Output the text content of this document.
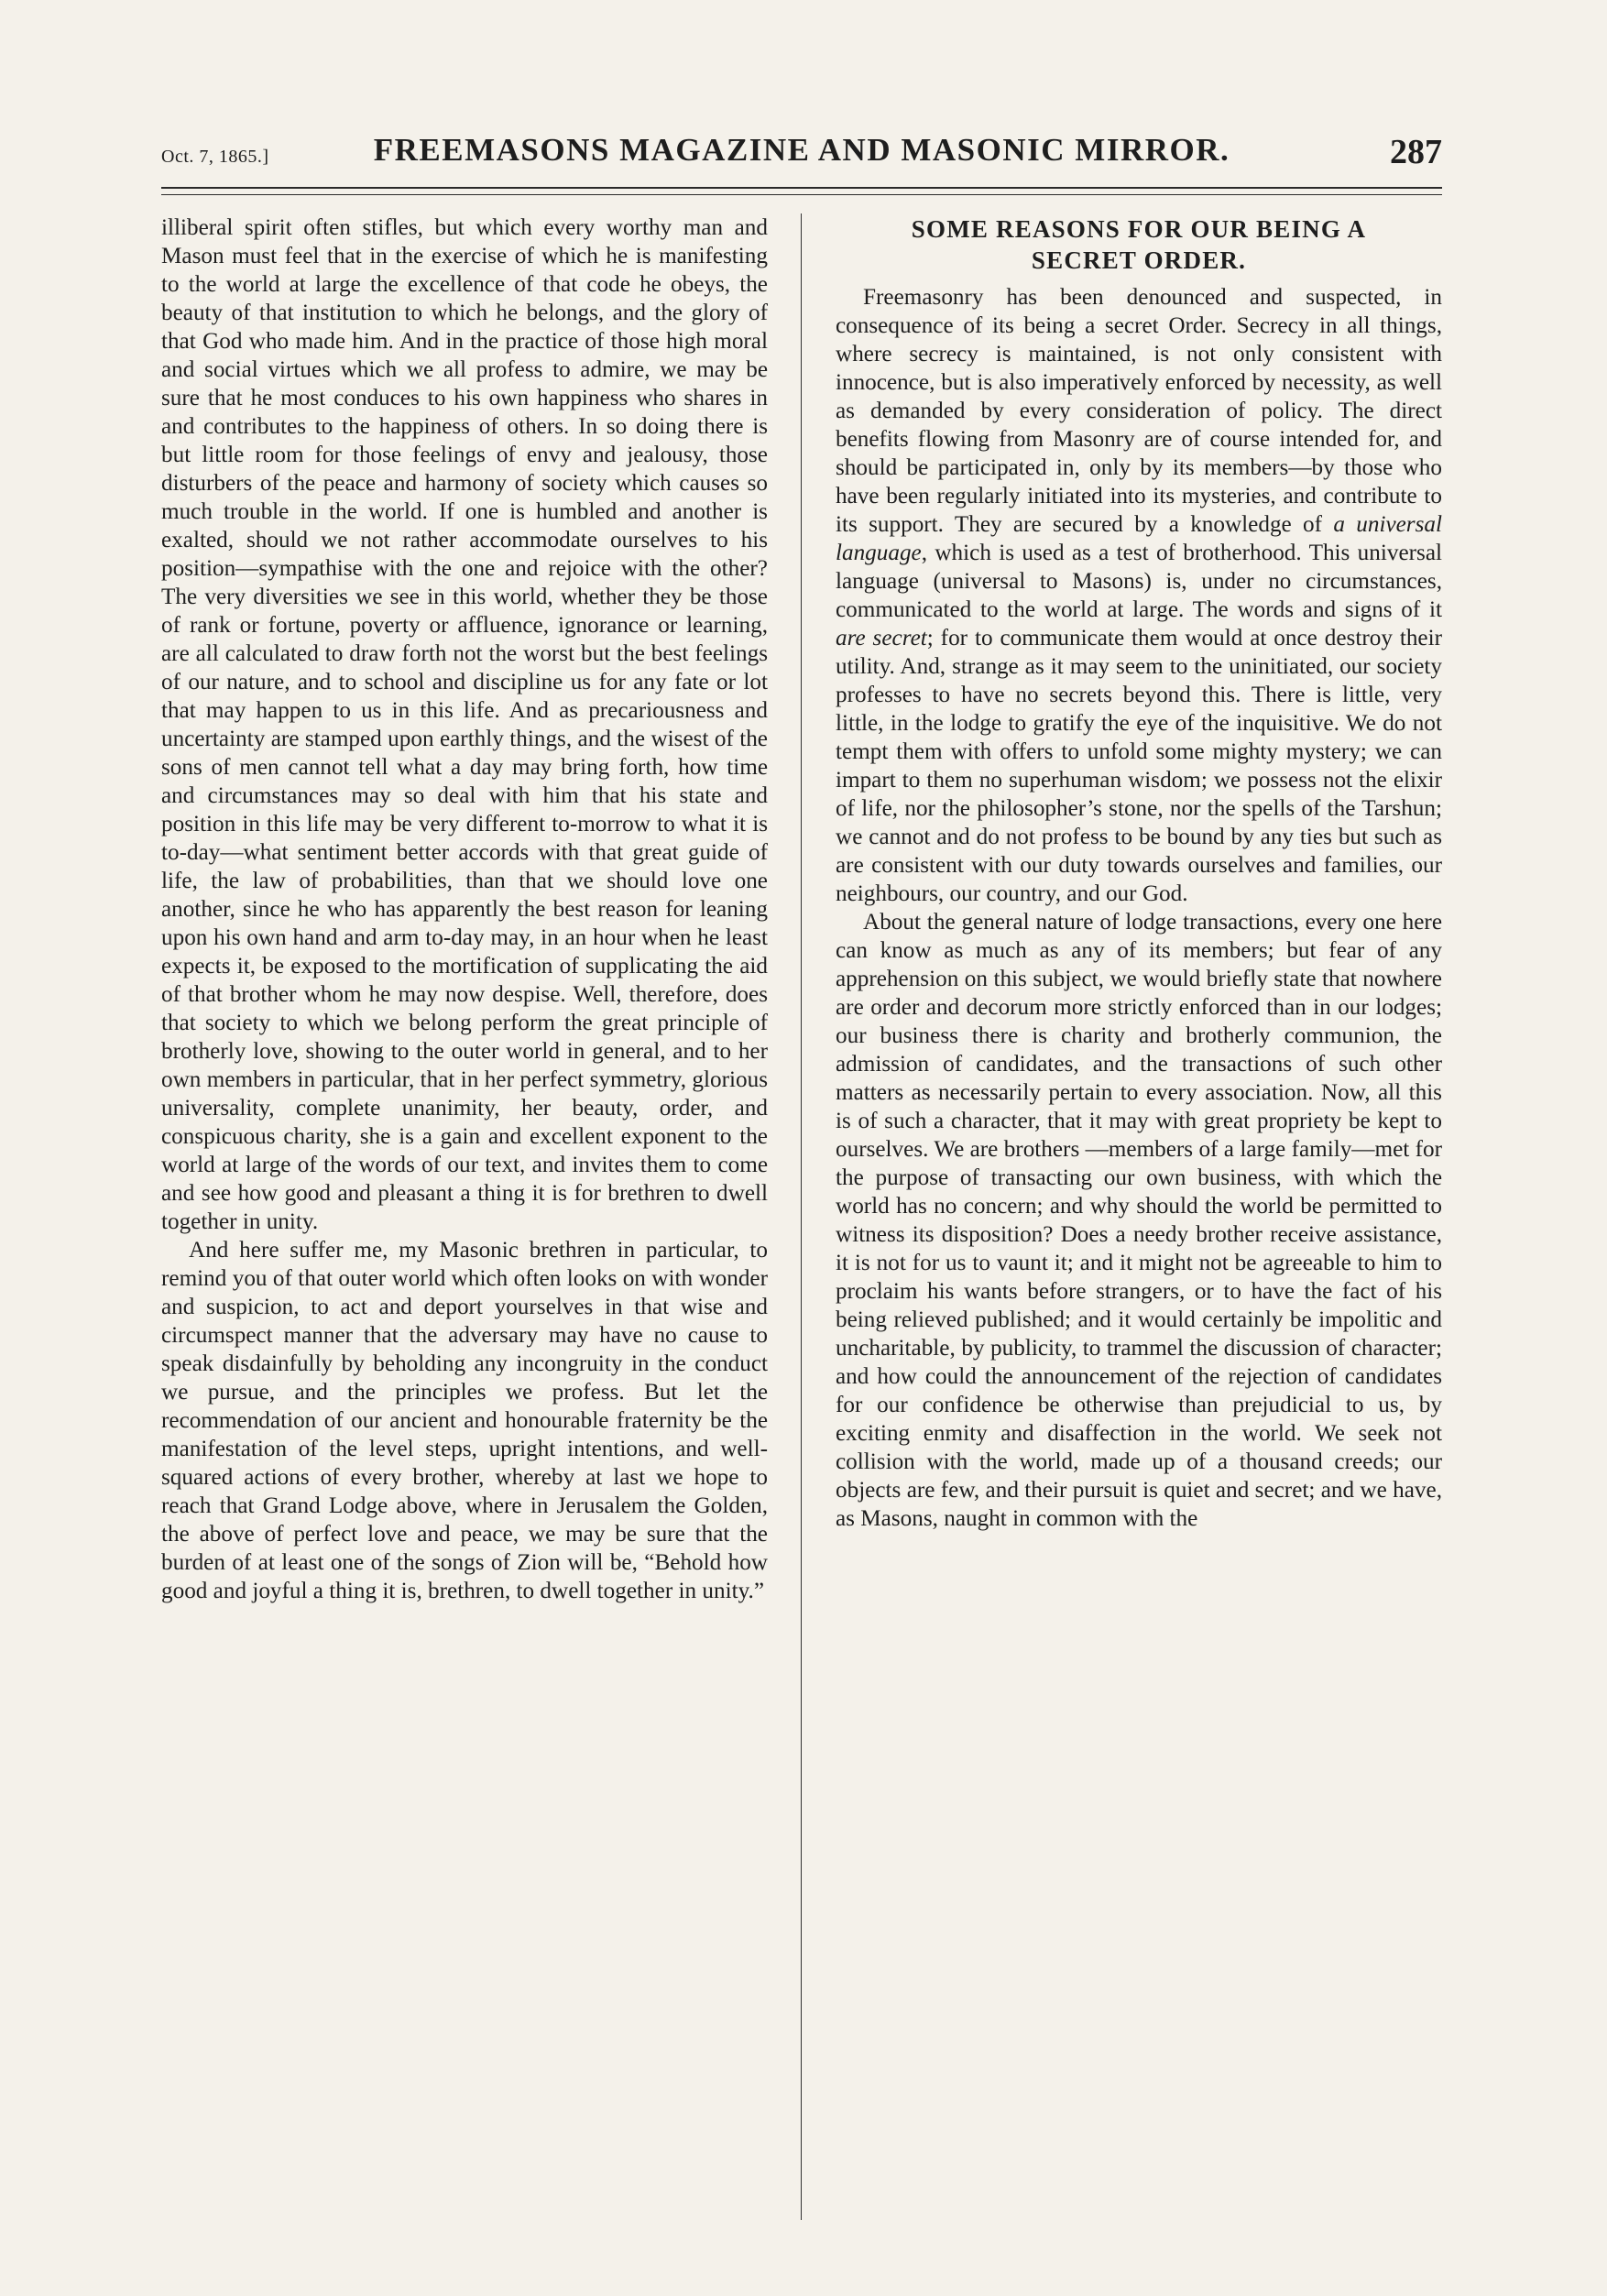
Oct. 7, 1865.]	FREEMASONS MAGAZINE AND MASONIC MIRROR.	287

illiberal spirit often stifles, but which every worthy man and Mason must feel that in the exercise of which he is manifesting to the world at large the excellence of that code he obeys, the beauty of that institution to which he belongs, and the glory of that God who made him. And in the practice of those high moral and social virtues which we all profess to admire, we may be sure that he most conduces to his own happiness who shares in and contributes to the happiness of others. In so doing there is but little room for those feelings of envy and jealousy, those disturbers of the peace and harmony of society which causes so much trouble in the world. If one is humbled and another is exalted, should we not rather accommodate ourselves to his position—sympathise with the one and rejoice with the other? The very diversities we see in this world, whether they be those of rank or fortune, poverty or affluence, ignorance or learning, are all calculated to draw forth not the worst but the best feelings of our nature, and to school and discipline us for any fate or lot that may happen to us in this life. And as precariousness and uncertainty are stamped upon earthly things, and the wisest of the sons of men cannot tell what a day may bring forth, how time and circumstances may so deal with him that his state and position in this life may be very different to-morrow to what it is to-day—what sentiment better accords with that great guide of life, the law of probabilities, than that we should love one another, since he who has apparently the best reason for leaning upon his own hand and arm to-day may, in an hour when he least expects it, be exposed to the mortification of supplicating the aid of that brother whom he may now despise. Well, therefore, does that society to which we belong perform the great principle of brotherly love, showing to the outer world in general, and to her own members in particular, that in her perfect symmetry, glorious universality, complete unanimity, her beauty, order, and conspicuous charity, she is a gain and excellent exponent to the world at large of the words of our text, and invites them to come and see how good and pleasant a thing it is for brethren to dwell together in unity.

And here suffer me, my Masonic brethren in particular, to remind you of that outer world which often looks on with wonder and suspicion, to act and deport yourselves in that wise and circumspect manner that the adversary may have no cause to speak disdainfully by beholding any incongruity in the conduct we pursue, and the principles we profess. But let the recommendation of our ancient and honourable fraternity be the manifestation of the level steps, upright intentions, and well-squared actions of every brother, whereby at last we hope to reach that Grand Lodge above, where in Jerusalem the Golden, the above of perfect love and peace, we may be sure that the burden of at least one of the songs of Zion will be, “Behold how good and joyful a thing it is, brethren, to dwell together in unity.”

SOME REASONS FOR OUR BEING A
SECRET ORDER.

Freemasonry has been denounced and suspected, in consequence of its being a secret Order. Secrecy in all things, where secrecy is maintained, is not only consistent with innocence, but is also imperatively enforced by necessity, as well as demanded by every consideration of policy. The direct benefits flowing from Masonry are of course intended for, and should be participated in, only by its members—by those who have been regularly initiated into its mysteries, and contribute to its support. They are secured by a knowledge of a universal language, which is used as a test of brotherhood. This universal language (universal to Masons) is, under no circumstances, communicated to the world at large. The words and signs of it are secret; for to communicate them would at once destroy their utility. And, strange as it may seem to the uninitiated, our society professes to have no secrets beyond this. There is little, very little, in the lodge to gratify the eye of the inquisitive. We do not tempt them with offers to unfold some mighty mystery; we can impart to them no superhuman wisdom; we possess not the elixir of life, nor the philosopher’s stone, nor the spells of the Tarshun; we cannot and do not profess to be bound by any ties but such as are consistent with our duty towards ourselves and families, our neighbours, our country, and our God.

About the general nature of lodge transactions, every one here can know as much as any of its members; but fear of any apprehension on this subject, we would briefly state that nowhere are order and decorum more strictly enforced than in our lodges; our business there is charity and brotherly communion, the admission of candidates, and the transactions of such other matters as necessarily pertain to every association. Now, all this is of such a character, that it may with great propriety be kept to ourselves. We are brothers —members of a large family—met for the purpose of transacting our own business, with which the world has no concern; and why should the world be permitted to witness its disposition? Does a needy brother receive assistance, it is not for us to vaunt it; and it might not be agreeable to him to proclaim his wants before strangers, or to have the fact of his being relieved published; and it would certainly be impolitic and uncharitable, by publicity, to trammel the discussion of character; and how could the announcement of the rejection of candidates for our confidence be otherwise than prejudicial to us, by exciting enmity and disaffection in the world. We seek not collision with the world, made up of a thousand creeds; our objects are few, and their pursuit is quiet and secret; and we have, as Masons, naught in common with the
